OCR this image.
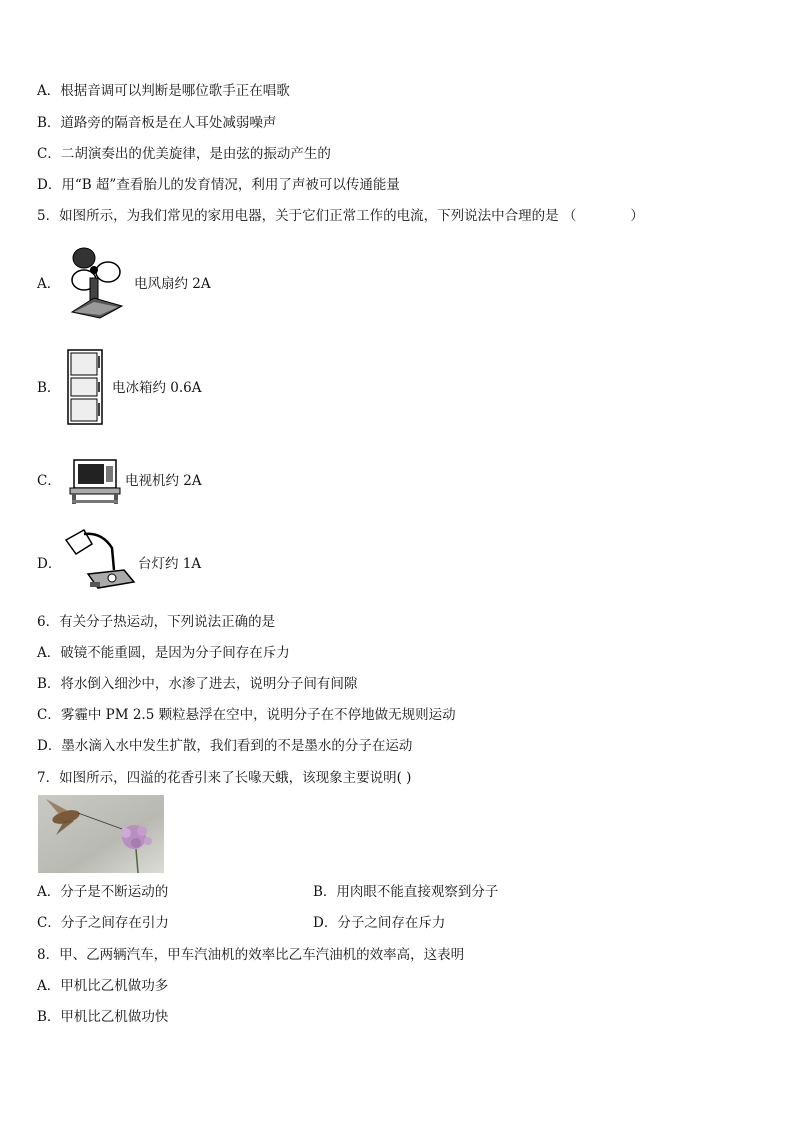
A．根据音调可以判断是哪位歌手正在唱歌
B．道路旁的隔音板是在人耳处减弱噪声
C．二胡演奏出的优美旋律，是由弦的振动产生的
D．用“B 超”查看胎儿的发育情况，利用了声被可以传通能量
5．如图所示，为我们常见的家用电器，关于它们正常工作的电流，下列说法中合理的是 （　　　　）
A．	电风扇约 2A
B．	电冰箱约 0.6A
C．	电视机约 2A
D．	台灯约 1A
6．有关分子热运动，下列说法正确的是
A．破镜不能重圆，是因为分子间存在斥力
B．将水倒入细沙中，水渗了进去，说明分子间有间隙
C．雾霾中 PM 2.5 颗粒悬浮在空中，说明分子在不停地做无规则运动
D．墨水滴入水中发生扩散，我们看到的不是墨水的分子在运动
7．如图所示，四溢的花香引来了长喙天蛾，该现象主要说明( )
A．分子是不断运动的	B．用肉眼不能直接观察到分子
C．分子之间存在引力	D．分子之间存在斥力
8．甲、乙两辆汽车，甲车汽油机的效率比乙车汽油机的效率高，这表明
A．甲机比乙机做功多
B．甲机比乙机做功快
